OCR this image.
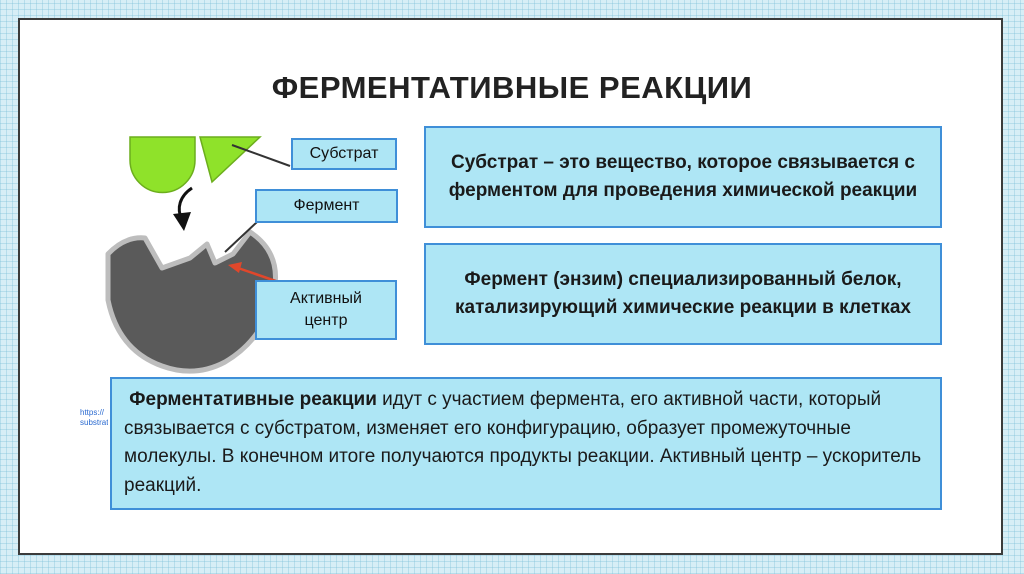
ФЕРМЕНТАТИВНЫЕ РЕАКЦИИ
Субстрат
Фермент
Активный
центр
Субстрат – это вещество, которое связывается с ферментом для проведения химической реакции
Фермент (энзим) специализированный белок, катализирующий химические реакции в клетках
https://
substrat
Ферментативные реакции идут с участием фермента, его активной части, который связывается с субстратом, изменяет его конфигурацию, образует промежуточные молекулы. В конечном итоге получаются продукты реакции. Активный центр – ускоритель реакций.
